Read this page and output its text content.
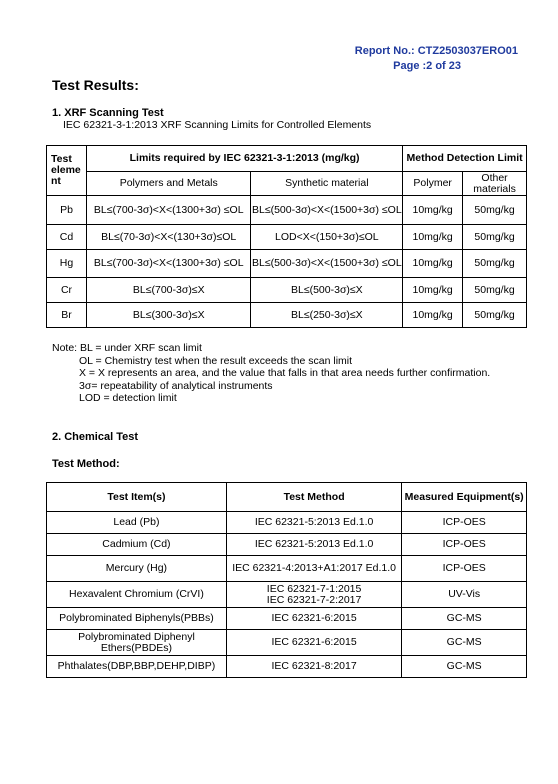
Report No.: CTZ2503037ERO01
Page :2 of 23
Test Results:
1. XRF Scanning Test
IEC 62321-3-1:2013 XRF Scanning Limits for Controlled Elements
Test eleme nt	Limits required by IEC 62321-3-1:2013 (mg/kg)		Method Detection Limit	
	Polymers and Metals	Synthetic material	Polymer	Other materials
Pb	BL≤(700-3σ)<X<(1300+3σ) ≤OL	BL≤(500-3σ)<X<(1500+3σ) ≤OL	10mg/kg	50mg/kg
Cd	BL≤(70-3σ)<X<(130+3σ)≤OL	LOD<X<(150+3σ)≤OL	10mg/kg	50mg/kg
Hg	BL≤(700-3σ)<X<(1300+3σ) ≤OL	BL≤(500-3σ)<X<(1500+3σ) ≤OL	10mg/kg	50mg/kg
Cr	BL≤(700-3σ)≤X	BL≤(500-3σ)≤X	10mg/kg	50mg/kg
Br	BL≤(300-3σ)≤X	BL≤(250-3σ)≤X	10mg/kg	50mg/kg
Note: BL = under XRF scan limit
OL = Chemistry test when the result exceeds the scan limit
X = X represents an area, and the value that falls in that area needs further confirmation.
3σ= repeatability of analytical instruments
LOD = detection limit
2. Chemical Test
Test Method:
Test Item(s)	Test Method	Measured Equipment(s)
Lead (Pb)	IEC 62321-5:2013 Ed.1.0	ICP-OES
Cadmium (Cd)	IEC 62321-5:2013 Ed.1.0	ICP-OES
Mercury (Hg)	IEC 62321-4:2013+A1:2017 Ed.1.0	ICP-OES
Hexavalent Chromium (CrVI)	IEC 62321-7-1:2015
IEC 62321-7-2:2017	UV-Vis
Polybrominated Biphenyls(PBBs)	IEC 62321-6:2015	GC-MS
Polybrominated Diphenyl Ethers(PBDEs)	IEC 62321-6:2015	GC-MS
Phthalates(DBP,BBP,DEHP,DIBP)	IEC 62321-8:2017	GC-MS
